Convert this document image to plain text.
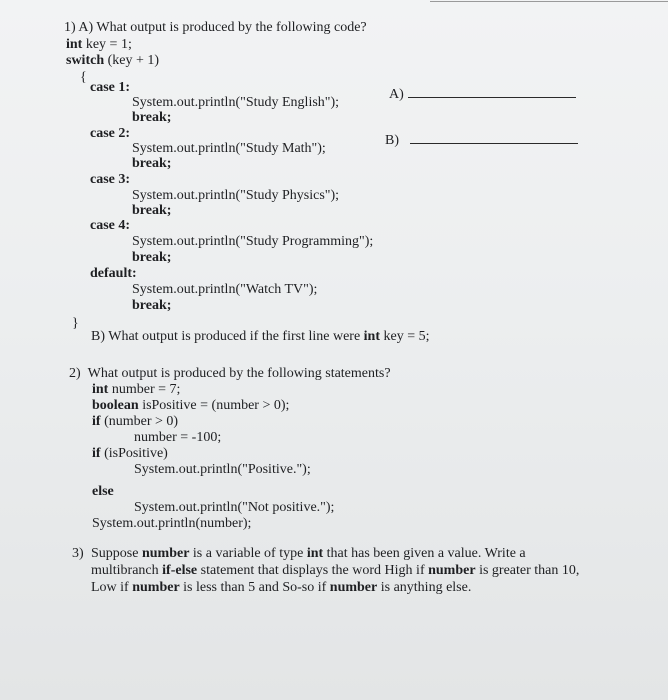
1) A) What output is produced by the following code?
int key = 1;
switch (key + 1)
{
case 1:
System.out.println("Study English");
break;
A)
case 2:
System.out.println("Study Math");
break;
B)
case 3:
System.out.println("Study Physics");
break;
case 4:
System.out.println("Study Programming");
break;
default:
System.out.println("Watch TV");
break;
}
B) What output is produced if the first line were int key = 5;
2) What output is produced by the following statements?
int number = 7;
boolean isPositive = (number > 0);
if (number > 0)
number = -100;
if (isPositive)
System.out.println("Positive.");
else
System.out.println("Not positive.");
System.out.println(number);
3) Suppose number is a variable of type int that has been given a value. Write a
multibranch if-else statement that displays the word High if number is greater than 10,
Low if number is less than 5 and So-so if number is anything else.
